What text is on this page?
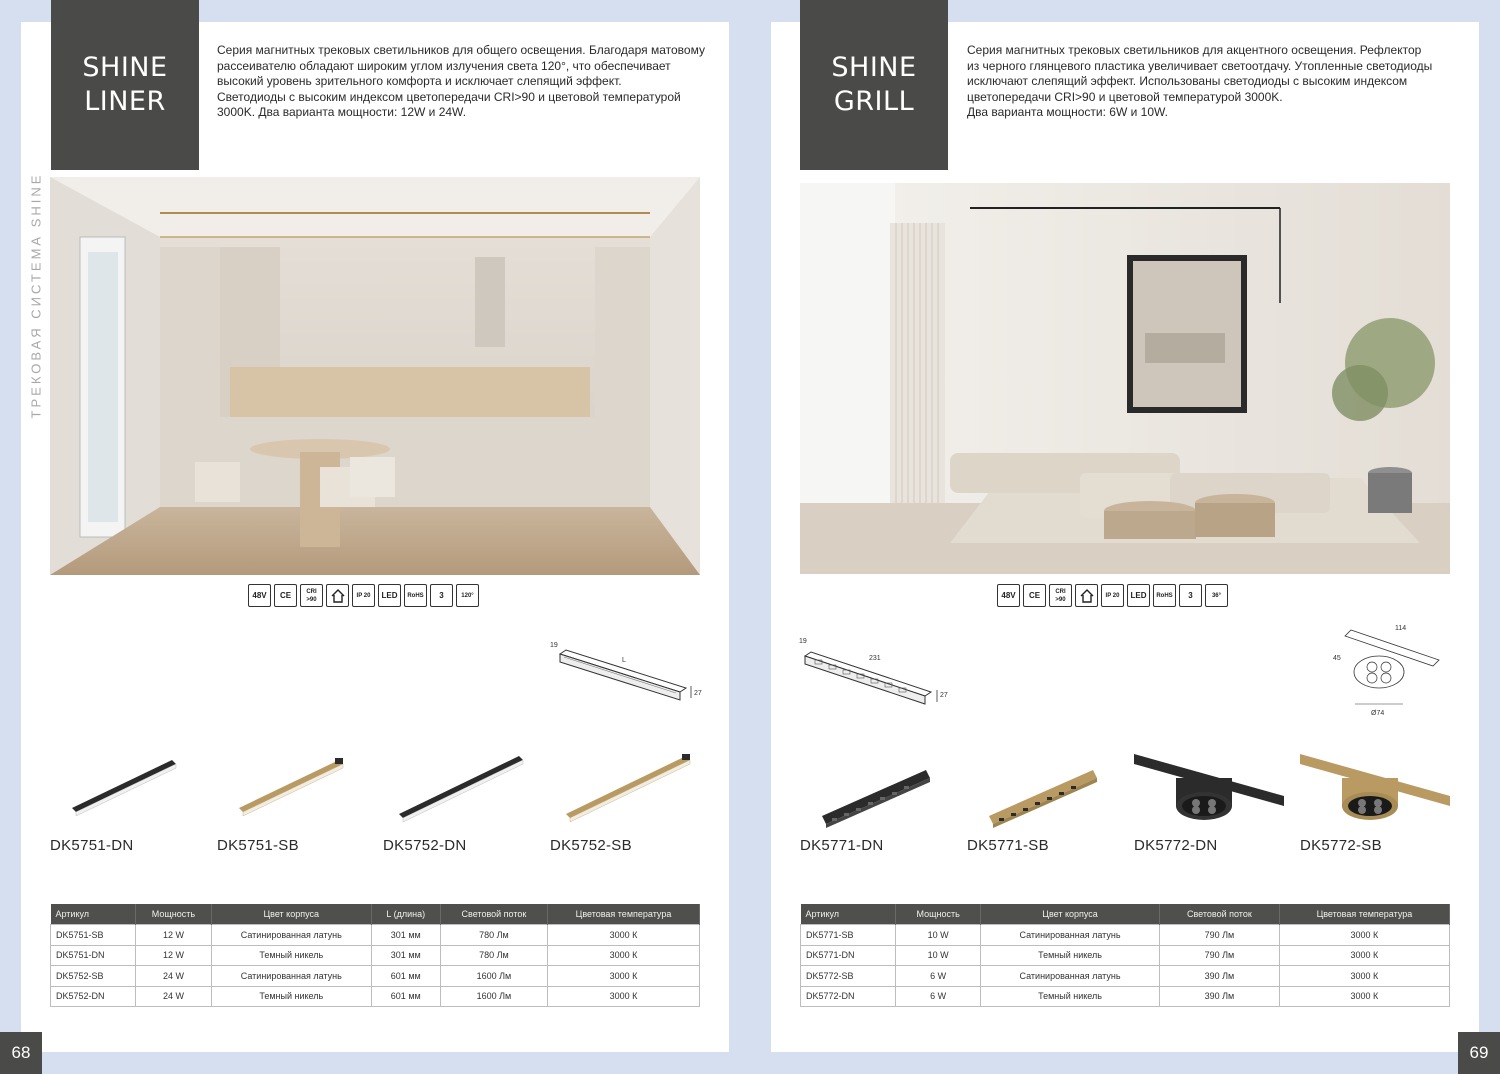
SHINE
LINER
ТРЕКОВАЯ СИСТЕМА SHINE

Серия магнитных трековых светильников для общего освещения. Благодаря матовому

рассеивателю обладают широким углом излучения света 120°, что обеспечивает

высокий уровень зрительного комфорта и исключает слепящий эффект.

Светодиоды с высоким индексом цветопередачи CRI>90 и цветовой температурой

3000K. Два варианта мощности: 12W и 24W.

48V	CE	CRI >90
IP 20	LED	RoHS	3	120°
19
L
27
DK5751-DN	DK5751-SB	DK5752-DN	DK5752-SB
Артикул	Мощность	Цвет корпуса	L (длина)	Световой поток	Цветовая температура
DK5751-SB	12 W	Сатинированная латунь	301 мм	780 Лм	3000 К
DK5751-DN	12 W	Темный никель	301 мм	780 Лм	3000 К
DK5752-SB	24 W	Сатинированная латунь	601 мм	1600 Лм	3000 К
DK5752-DN	24 W	Темный никель	601 мм	1600 Лм	3000 К
SHINE
GRILL

Серия магнитных трековых светильников для акцентного освещения. Рефлектор

из черного глянцевого пластика увеличивает светоотдачу. Утопленные светодиоды

исключают слепящий эффект. Использованы светодиоды с высоким индексом

цветопередачи CRI>90 и цветовой температурой 3000K.

Два варианта мощности: 6W и 10W.

48V	CE	CRI >90
IP 20	LED	RoHS	3	36°
19
231
27
114
45
Ø74
DK5771-DN	DK5771-SB	DK5772-DN	DK5772-SB
Артикул	Мощность	Цвет корпуса	Световой поток	Цветовая температура
DK5771-SB	10 W	Сатинированная латунь	790 Лм	3000 К
DK5771-DN	10 W	Темный никель	790 Лм	3000 К
DK5772-SB	6 W	Сатинированная латунь	390 Лм	3000 К
DK5772-DN	6 W	Темный никель	390 Лм	3000 К
68	69
